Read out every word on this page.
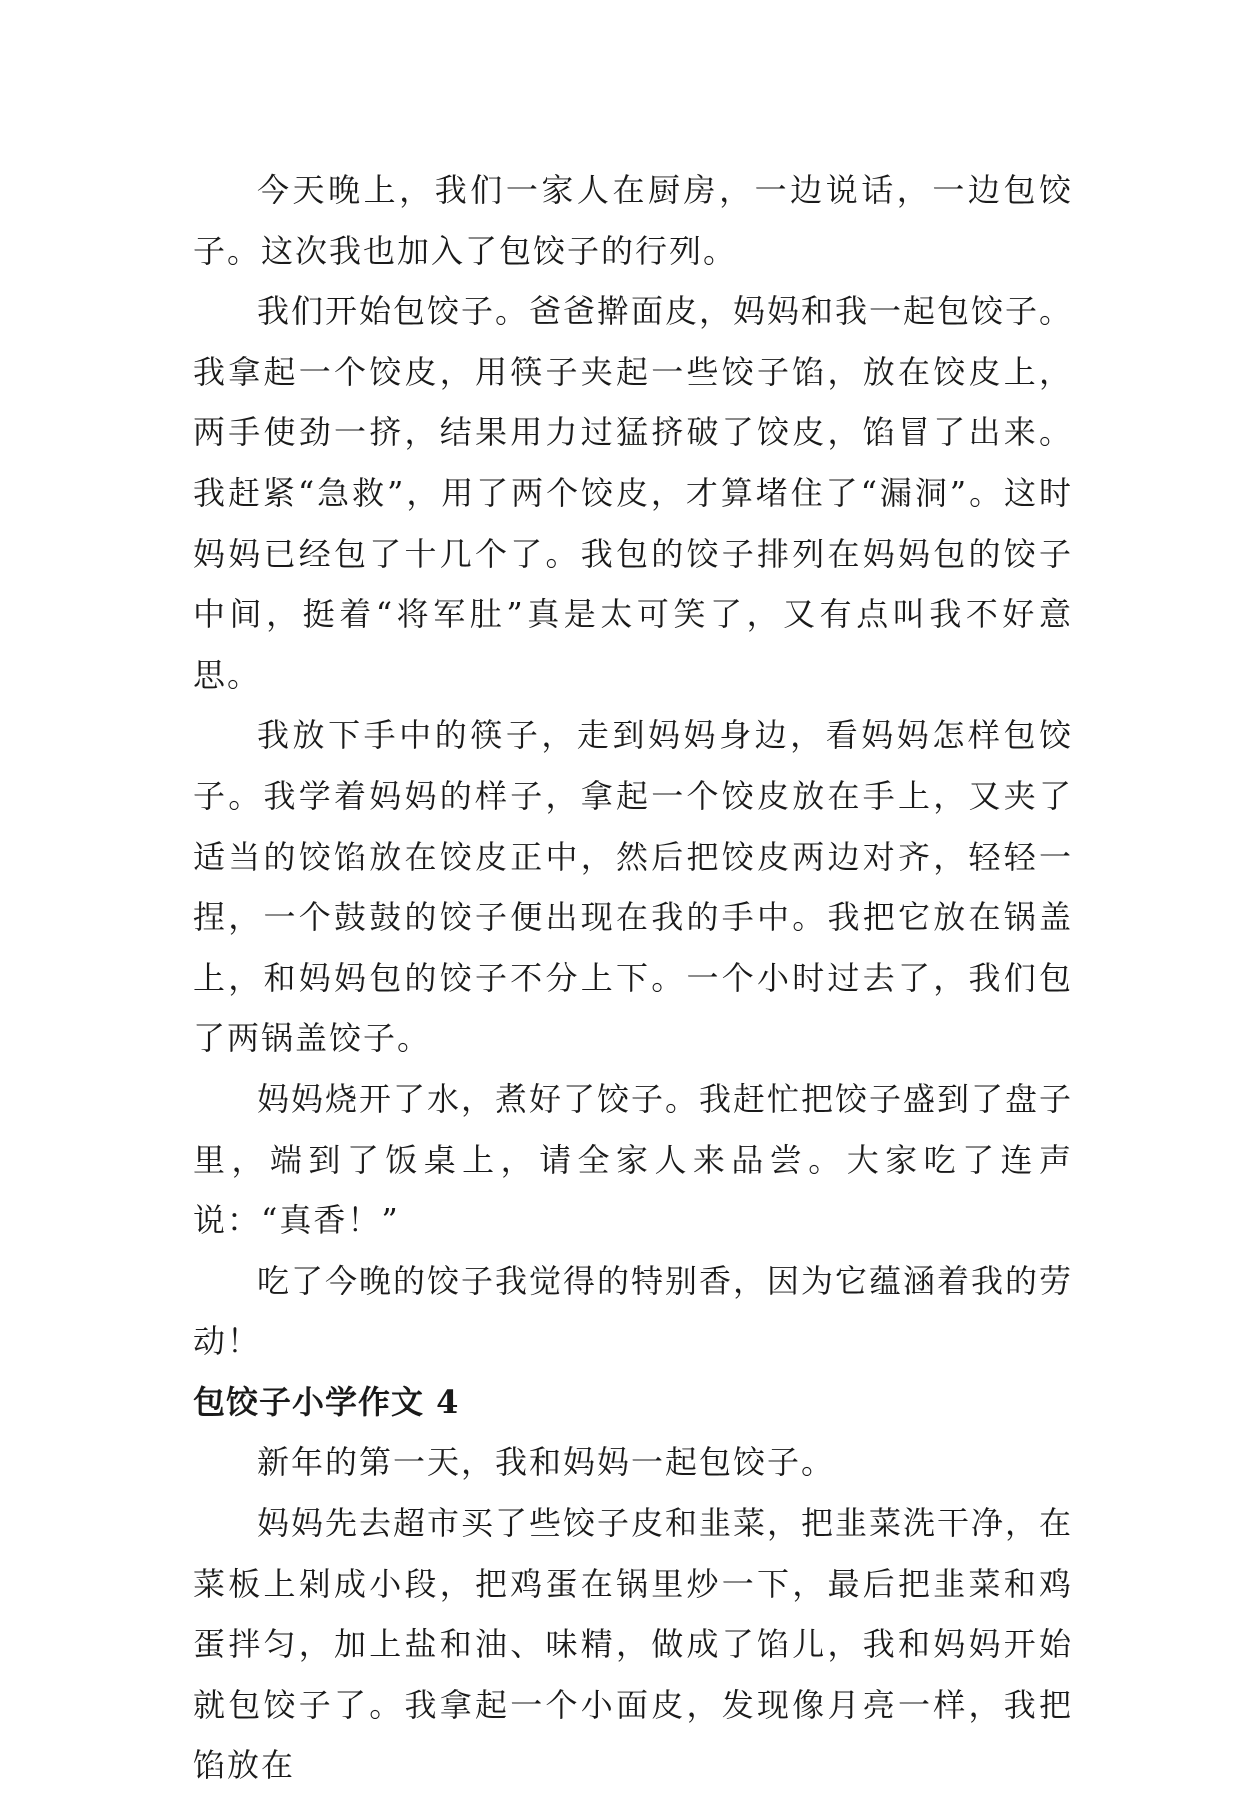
今天晚上，我们一家人在厨房，一边说话，一边包饺子。这次我也加入了包饺子的行列。

我们开始包饺子。爸爸擀面皮，妈妈和我一起包饺子。我拿起一个饺皮，用筷子夹起一些饺子馅，放在饺皮上，两手使劲一挤，结果用力过猛挤破了饺皮，馅冒了出来。我赶紧“急救”，用了两个饺皮，才算堵住了“漏洞”。这时妈妈已经包了十几个了。我包的饺子排列在妈妈包的饺子中间，挺着“将军肚”真是太可笑了，又有点叫我不好意思。

我放下手中的筷子，走到妈妈身边，看妈妈怎样包饺子。我学着妈妈的样子，拿起一个饺皮放在手上，又夹了适当的饺馅放在饺皮正中，然后把饺皮两边对齐，轻轻一捏，一个鼓鼓的饺子便出现在我的手中。我把它放在锅盖上，和妈妈包的饺子不分上下。一个小时过去了，我们包了两锅盖饺子。

妈妈烧开了水，煮好了饺子。我赶忙把饺子盛到了盘子里，端到了饭桌上，请全家人来品尝。大家吃了连声说：“真香！”

吃了今晚的饺子我觉得的特别香，因为它蕴涵着我的劳动！

包饺子小学作文 4

新年的第一天，我和妈妈一起包饺子。

妈妈先去超市买了些饺子皮和韭菜，把韭菜洗干净，在菜板上剁成小段，把鸡蛋在锅里炒一下，最后把韭菜和鸡蛋拌匀，加上盐和油、味精，做成了馅儿，我和妈妈开始就包饺子了。我拿起一个小面皮，发现像月亮一样，我把馅放在
